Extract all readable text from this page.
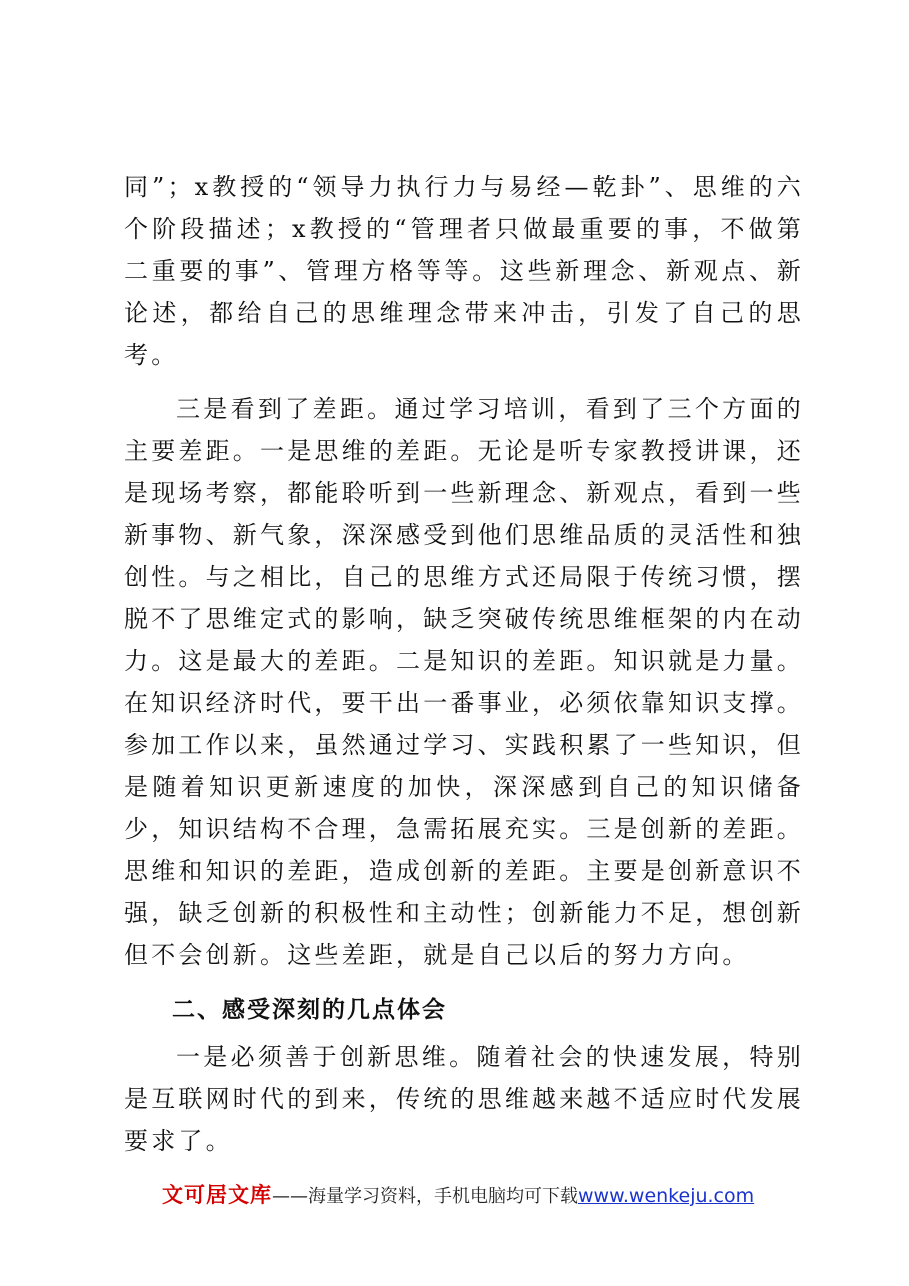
同”；x教授的“领导力执行力与易经—乾卦”、思维的六个阶段描述；x教授的“管理者只做最重要的事，不做第二重要的事”、管理方格等等。这些新理念、新观点、新论述，都给自己的思维理念带来冲击，引发了自己的思考。

三是看到了差距。通过学习培训，看到了三个方面的主要差距。一是思维的差距。无论是听专家教授讲课，还是现场考察，都能聆听到一些新理念、新观点，看到一些新事物、新气象，深深感受到他们思维品质的灵活性和独创性。与之相比，自己的思维方式还局限于传统习惯，摆脱不了思维定式的影响，缺乏突破传统思维框架的内在动力。这是最大的差距。二是知识的差距。知识就是力量。在知识经济时代，要干出一番事业，必须依靠知识支撑。参加工作以来，虽然通过学习、实践积累了一些知识，但是随着知识更新速度的加快，深深感到自己的知识储备少，知识结构不合理，急需拓展充实。三是创新的差距。思维和知识的差距，造成创新的差距。主要是创新意识不强，缺乏创新的积极性和主动性；创新能力不足，想创新但不会创新。这些差距，就是自己以后的努力方向。

二、感受深刻的几点体会

一是必须善于创新思维。随着社会的快速发展，特别是互联网时代的到来，传统的思维越来越不适应时代发展要求了。

文可居文库——海量学习资料，手机电脑均可下载www.wenkeju.com
